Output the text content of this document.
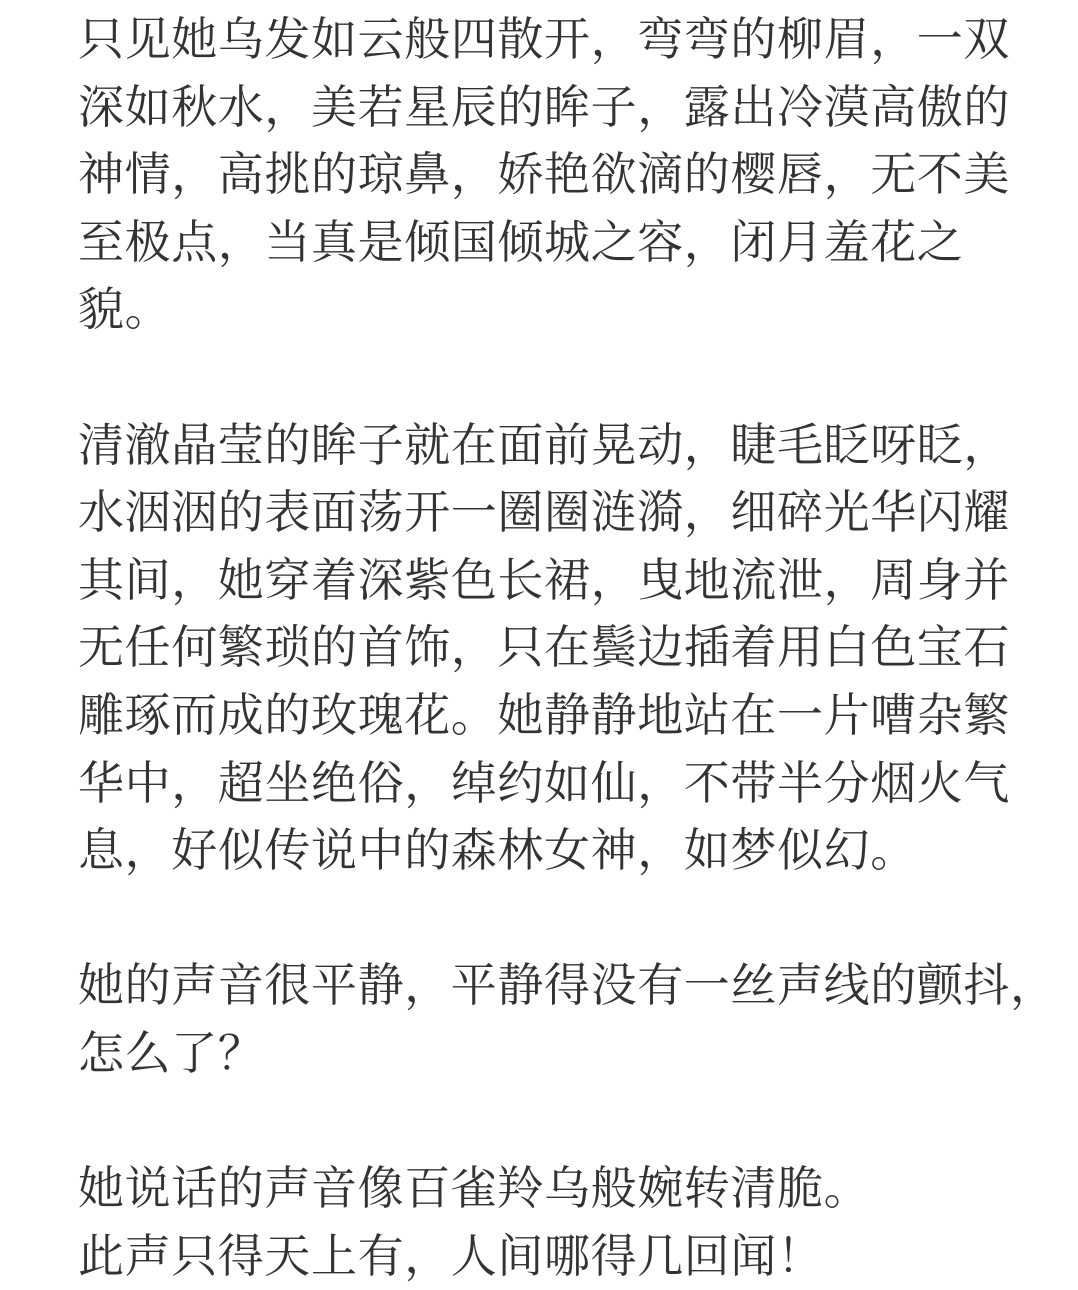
只见她乌发如云般四散开，弯弯的柳眉，一双
深如秋水，美若星辰的眸子，露出冷漠高傲的
神情，高挑的琼鼻，娇艳欲滴的樱唇，无不美
至极点，当真是倾国倾城之容，闭月羞花之
貌。
清澈晶莹的眸子就在面前晃动，睫毛眨呀眨，
水洇洇的表面荡开一圈圈涟漪，细碎光华闪耀
其间，她穿着深紫色长裙，曳地流泄，周身并
无任何繁琐的首饰，只在鬓边插着用白色宝石
雕琢而成的玫瑰花。她静静地站在一片嘈杂繁
华中，超坐绝俗，绰约如仙，不带半分烟火气
息，好似传说中的森林女神，如梦似幻。
她的声音很平静，平静得没有一丝声线的颤抖，
怎么了？
她说话的声音像百雀羚乌般婉转清脆。
此声只得天上有，人间哪得几回闻！
